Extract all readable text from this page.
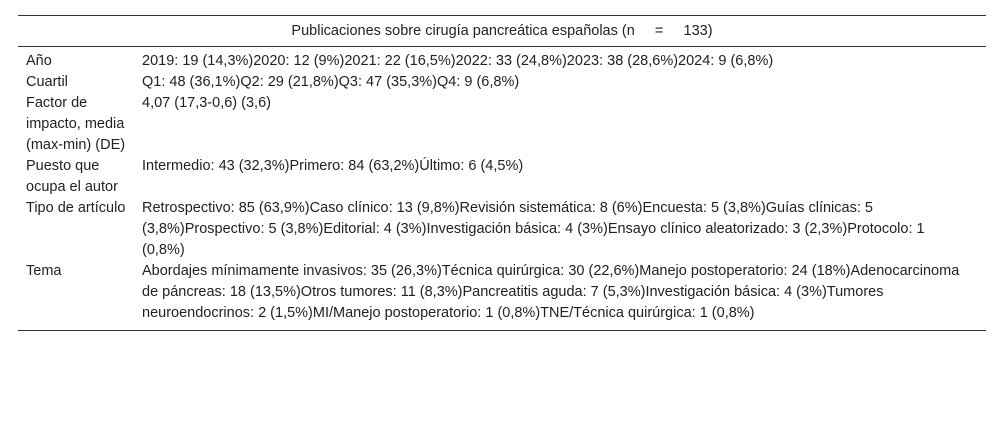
Publicaciones sobre cirugía pancreática españolas (n     =     133)	
Año	2019: 19 (14,3%)2020: 12 (9%)2021: 22 (16,5%)2022: 33 (24,8%)2023: 38 (28,6%)2024: 9 (6,8%)
Cuartil	Q1: 48 (36,1%)Q2: 29 (21,8%)Q3: 47 (35,3%)Q4: 9 (6,8%)
Factor de impacto, media (max-min) (DE)	4,07 (17,3-0,6) (3,6)
Puesto que ocupa el autor	Intermedio: 43 (32,3%)Primero: 84 (63,2%)Último: 6 (4,5%)
Tipo de artículo	Retrospectivo: 85 (63,9%)Caso clínico: 13 (9,8%)Revisión sistemática: 8 (6%)Encuesta: 5 (3,8%)Guías clínicas: 5 (3,8%)Prospectivo: 5 (3,8%)Editorial: 4 (3%)Investigación básica: 4 (3%)Ensayo clínico aleatorizado: 3 (2,3%)Protocolo: 1 (0,8%)
Tema	Abordajes mínimamente invasivos: 35 (26,3%)Técnica quirúrgica: 30 (22,6%)Manejo postoperatorio: 24 (18%)Adenocarcinoma de páncreas: 18 (13,5%)Otros tumores: 11 (8,3%)Pancreatitis aguda: 7 (5,3%)Investigación básica: 4 (3%)Tumores neuroendocrinos: 2 (1,5%)MI/Manejo postoperatorio: 1 (0,8%)TNE/Técnica quirúrgica: 1 (0,8%)
